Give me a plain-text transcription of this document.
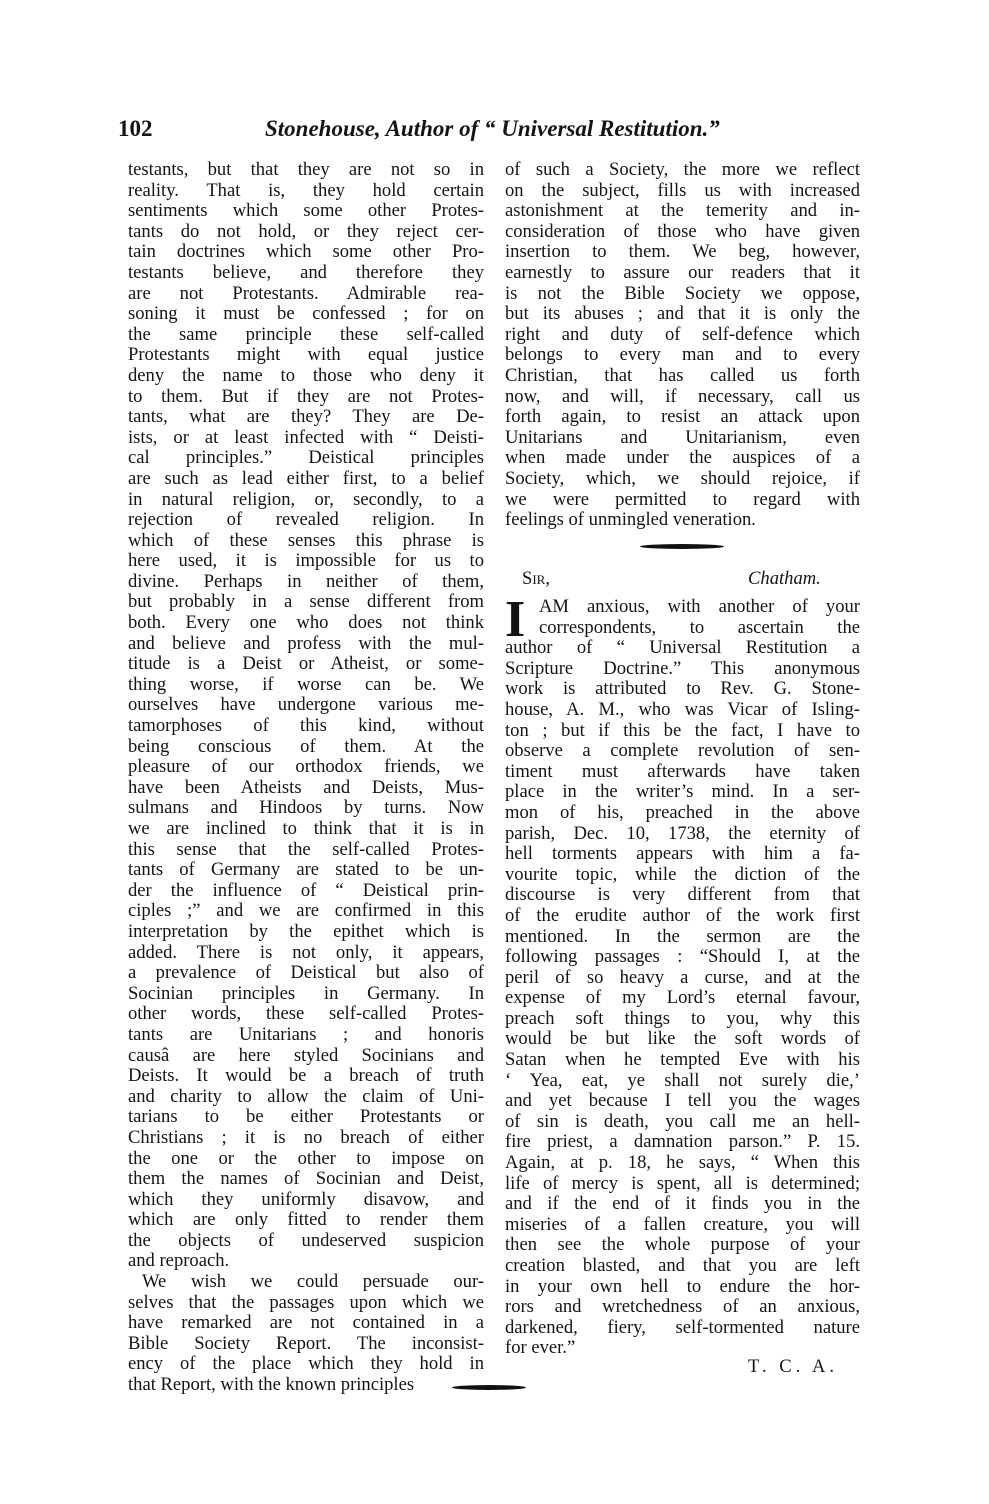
102	Stonehouse, Author of “ Universal Restitution.”
testants, but that they are not so in
reality. That is, they hold certain
sentiments which some other Protes-
tants do not hold, or they reject cer-
tain doctrines which some other Pro-
testants believe, and therefore they
are not Protestants. Admirable rea-
soning it must be confessed ; for on
the same principle these self-called
Protestants might with equal justice
deny the name to those who deny it
to them. But if they are not Protes-
tants, what are they? They are De-
ists, or at least infected with “ Deisti-
cal principles.” Deistical principles
are such as lead either first, to a belief
in natural religion, or, secondly, to a
rejection of revealed religion. In
which of these senses this phrase is
here used, it is impossible for us to
divine. Perhaps in neither of them,
but probably in a sense different from
both. Every one who does not think
and believe and profess with the mul-
titude is a Deist or Atheist, or some-
thing worse, if worse can be. We
ourselves have undergone various me-
tamorphoses of this kind, without
being conscious of them. At the
pleasure of our orthodox friends, we
have been Atheists and Deists, Mus-
sulmans and Hindoos by turns. Now
we are inclined to think that it is in
this sense that the self-called Protes-
tants of Germany are stated to be un-
der the influence of “ Deistical prin-
ciples ;” and we are confirmed in this
interpretation by the epithet which is
added. There is not only, it appears,
a prevalence of Deistical but also of
Socinian principles in Germany. In
other words, these self-called Protes-
tants are Unitarians ; and honoris
causâ are here styled Socinians and
Deists. It would be a breach of truth
and charity to allow the claim of Uni-
tarians to be either Protestants or
Christians ; it is no breach of either
the one or the other to impose on
them the names of Socinian and Deist,
which they uniformly disavow, and
which are only fitted to render them
the objects of undeserved suspicion
and reproach.
We wish we could persuade our-
selves that the passages upon which we
have remarked are not contained in a
Bible Society Report. The inconsist-
ency of the place which they hold in
that Report, with the known principles
of such a Society, the more we reflect
on the subject, fills us with increased
astonishment at the temerity and in-
consideration of those who have given
insertion to them. We beg, however,
earnestly to assure our readers that it
is not the Bible Society we oppose,
but its abuses ; and that it is only the
right and duty of self-defence which
belongs to every man and to every
Christian, that has called us forth
now, and will, if necessary, call us
forth again, to resist an attack upon
Unitarians and Unitarianism, even
when made under the auspices of a
Society, which, we should rejoice, if
we were permitted to regard with
feelings of unmingled veneration.
Sir,	Chatham.
I AM anxious, with another of your
correspondents, to ascertain the
author of “ Universal Restitution a
Scripture Doctrine.” This anonymous
work is attributed to Rev. G. Stone-
house, A. M., who was Vicar of Isling-
ton ; but if this be the fact, I have to
observe a complete revolution of sen-
timent must afterwards have taken
place in the writer’s mind. In a ser-
mon of his, preached in the above
parish, Dec. 10, 1738, the eternity of
hell torments appears with him a fa-
vourite topic, while the diction of the
discourse is very different from that
of the erudite author of the work first
mentioned. In the sermon are the
following passages : “Should I, at the
peril of so heavy a curse, and at the
expense of my Lord’s eternal favour,
preach soft things to you, why this
would be but like the soft words of
Satan when he tempted Eve with his
‘ Yea, eat, ye shall not surely die,’
and yet because I tell you the wages
of sin is death, you call me an hell-
fire priest, a damnation parson.” P. 15.
Again, at p. 18, he says, “ When this
life of mercy is spent, all is determined;
and if the end of it finds you in the
miseries of a fallen creature, you will
then see the whole purpose of your
creation blasted, and that you are left
in your own hell to endure the hor-
rors and wretchedness of an anxious,
darkened, fiery, self-tormented nature
for ever.”
T. C. A.
